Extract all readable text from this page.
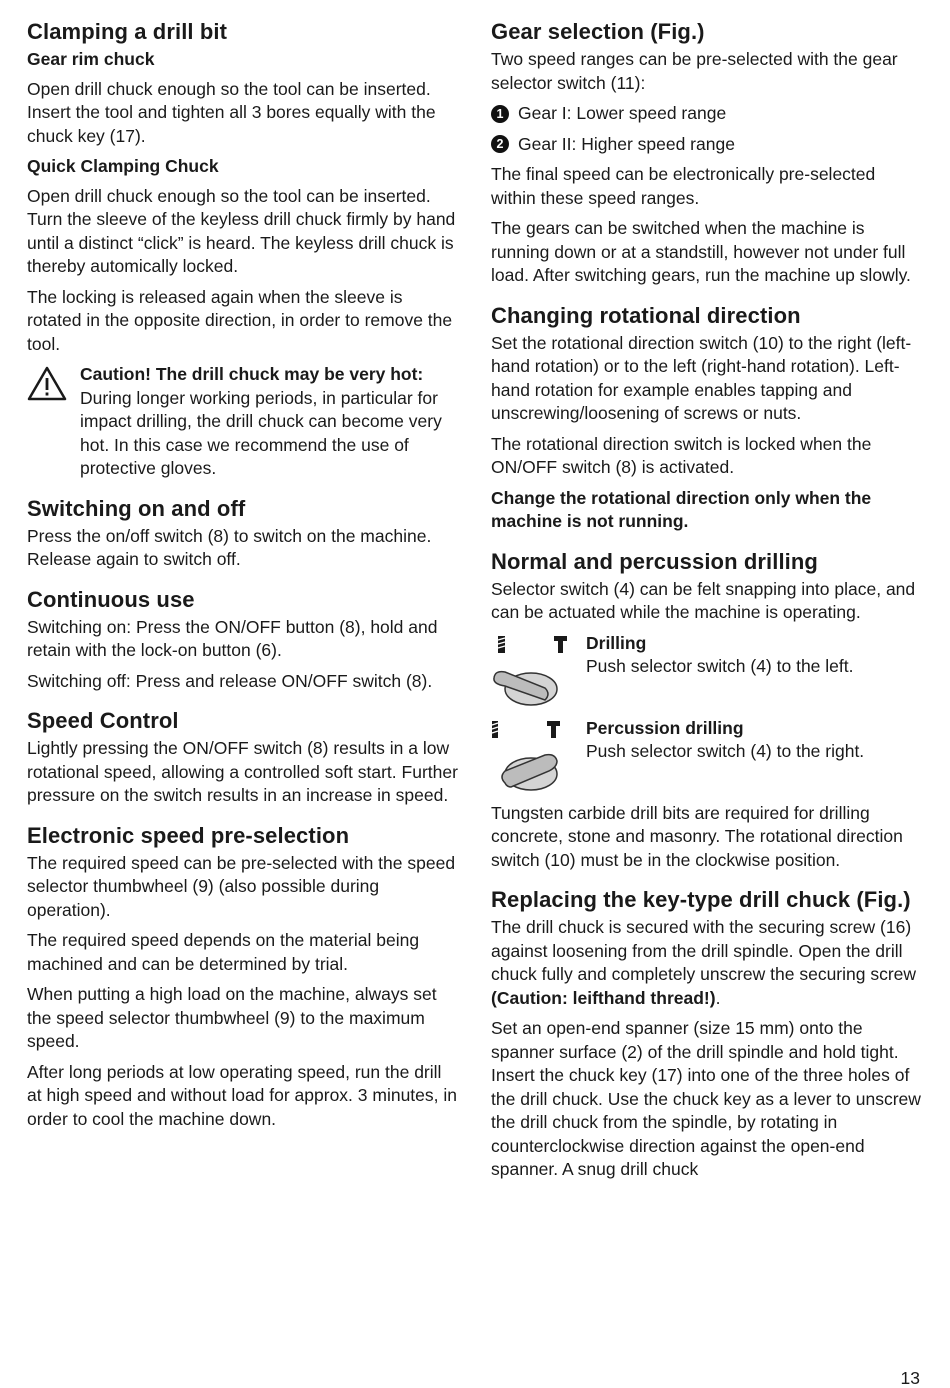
Clamping a drill bit
Gear rim chuck

Open drill chuck enough so the tool can be inserted. Insert the tool and tighten all 3 bores equally with the chuck key (17).

Quick Clamping Chuck

Open drill chuck enough so the tool can be inserted. Turn the sleeve of the keyless drill chuck firmly by hand until a distinct “click” is heard. The keyless drill chuck is thereby automically locked.

The locking is released again when the sleeve is rotated in the opposite direction, in order to remove the tool.

Caution! The drill chuck may be very hot: During longer working periods, in particular for impact drilling, the drill chuck can become very hot. In this case we recommend the use of protective gloves.

Switching on and off

Press the on/off switch (8) to switch on the machine. Release again to switch off.

Continuous use

Switching on: Press the ON/OFF button (8), hold and retain with the lock-on button (6).

Switching off: Press and release ON/OFF switch (8).

Speed Control

Lightly pressing the ON/OFF switch (8) results in a low rotational speed, allowing a controlled soft start. Further pressure on the switch results in an increase in speed.

Electronic speed pre-selection

The required speed can be pre-selected with the speed selector thumbwheel (9) (also possible during operation).

The required speed depends on the material being machined and can be determined by trial.

When putting a high load on the machine, always set the speed selector thumbwheel (9) to the maximum speed.

After long periods at low operating speed, run the drill at high speed and without load for approx. 3 minutes, in order to cool the machine down.

Gear selection (Fig.)

Two speed ranges can be pre-selected with the gear selector switch (11):

1 Gear I: Lower speed range
2 Gear II: Higher speed range

The final speed can be electronically pre-selected within these speed ranges.

The gears can be switched when the machine is running down or at a standstill, however not under full load. After switching gears, run the machine up slowly.

Changing rotational direction

Set the rotational direction switch (10) to the right (left-hand rotation) or to the left (right-hand rotation). Left-hand rotation for example enables tapping and unscrewing/loosening of screws or nuts.

The rotational direction switch is locked when the ON/OFF switch (8) is activated.

Change the rotational direction only when the machine is not running.

Normal and percussion drilling

Selector switch (4) can be felt snapping into place, and can be actuated while the machine is operating.

Drilling

Push selector switch (4) to the left.

Percussion drilling

Push selector switch (4) to the right.

Tungsten carbide drill bits are required for drilling concrete, stone and masonry. The rotational direction switch (10) must be in the clockwise position.

Replacing the key-type drill chuck (Fig.)

The drill chuck is secured with the securing screw (16) against loosening from the drill spindle. Open the drill chuck fully and completely unscrew the securing screw (Caution: leifthand thread!).

Set an open-end spanner (size 15 mm) onto the spanner surface (2) of the drill spindle and hold tight. Insert the chuck key (17) into one of the three holes of the drill chuck. Use the chuck key as a lever to unscrew the drill chuck from the spindle, by rotating in counterclockwise direction against the open-end spanner. A snug drill chuck

13
